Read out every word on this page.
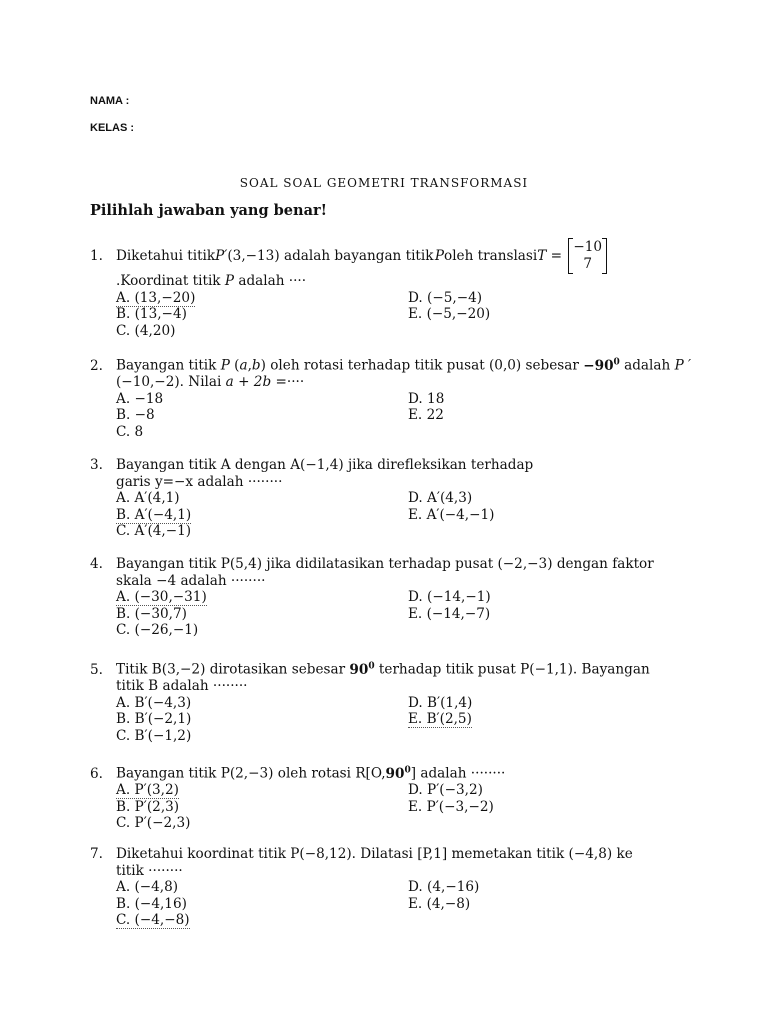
NAMA :
KELAS :
SOAL SOAL GEOMETRI TRANSFORMASI
Pilihlah jawaban yang benar!
1. Diketahui titik P′ (3,−13) adalah bayangan titik
  P oleh translasi T =
−10
7
.Koordinat titik P adalah ····
A. (13,−20)	D. (−5,−4)
B. (13,−4)	E. (−5,−20)
C. (4,20)
2. Bayangan titik P (a,b) oleh rotasi terhadap titik pusat (0,0) sebesar $-90^0$ adalah P ′
(−10,−2). Nilai a + 2b =····
A. −18	D. 18
B. −8	E. 22
C. 8
3. Bayangan titik A dengan A(−1,4) jika direfleksikan terhadap
garis y=−x adalah ········
A. A′(4,1)	D. A′(4,3)
B. A′(−4,1)	E. A′(−4,−1)
C. A′(4,−1)
4. Bayangan titik P(5,4) jika didilatasikan terhadap pusat (−2,−3) dengan faktor
skala −4 adalah ········
A. (−30,−31)	D. (−14,−1)
B. (−30,7)	E. (−14,−7)
C. (−26,−1)
5. Titik B(3,−2) dirotasikan sebesar $90^0$ terhadap titik pusat P(−1,1). Bayangan
titik B adalah ········
A. B′(−4,3)	D. B′(1,4)
B. B′(−2,1)	E. B′(2,5)
C. B′(−1,2)
6. Bayangan titik P(2,−3) oleh rotasi $R[O,90^0]$ adalah ········
A. P′(3,2)	D. P′(−3,2)
B. P′(2,3)	E. P′(−3,−2)
C. P′(−2,3)
7. Diketahui koordinat titik P(−8,12). Dilatasi [P,1] memetakan titik (−4,8) ke
titik ········
A. (−4,8)	D. (4,−16)
B. (−4,16)	E. (4,−8)
C. (−4,−8)
